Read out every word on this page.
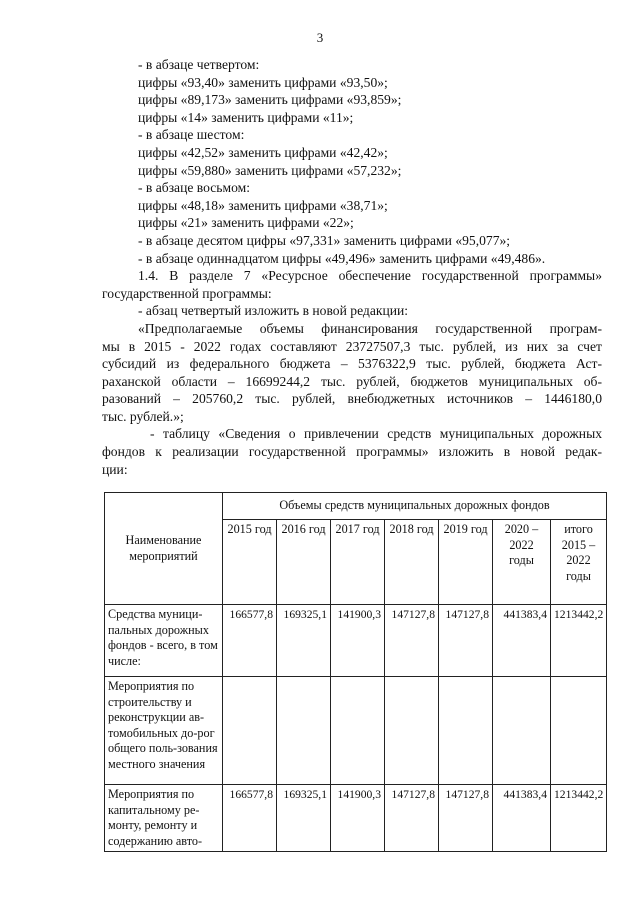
3
- в абзаце четвертом:
цифры «93,40» заменить цифрами «93,50»;
цифры «89,173» заменить цифрами «93,859»;
цифры «14» заменить цифрами «11»;
- в абзаце шестом:
цифры «42,52» заменить цифрами «42,42»;
цифры «59,880» заменить цифрами «57,232»;
- в абзаце восьмом:
цифры «48,18» заменить цифрами «38,71»;
цифры «21» заменить цифрами «22»;
- в абзаце десятом цифры «97,331» заменить цифрами «95,077»;
- в абзаце одиннадцатом цифры «49,496» заменить цифрами «49,486».
1.4. В разделе 7 «Ресурсное обеспечение государственной программы»
государственной программы:
- абзац четвертый изложить в новой редакции:
«Предполагаемые объемы финансирования государственной програм-
мы в 2015 - 2022 годах составляют 23727507,3 тыс. рублей, из них за счет
субсидий из федерального бюджета – 5376322,9 тыс. рублей, бюджета Аст-
раханской области – 16699244,2 тыс. рублей, бюджетов муниципальных об-
разований – 205760,2 тыс. рублей, внебюджетных источников – 1446180,0
тыс. рублей.»;
- таблицу «Сведения о привлечении средств муниципальных дорожных
фондов к реализации государственной программы» изложить в новой редак-
ции:
Наименование мероприятий	Объемы средств муниципальных дорожных фондов						
	2015 год	2016 год	2017 год	2018 год	2019 год	2020 – 2022 годы	итого 2015 – 2022 годы
Средства муници-пальных дорожных фондов - всего, в том числе:	166577,8	169325,1	141900,3	147127,8	147127,8	441383,4	1213442,2
Мероприятия по строительству и реконструкции ав-томобильных до-рог общего поль-зования местного значения							
Мероприятия по капитальному ре-монту, ремонту и содержанию авто-	166577,8	169325,1	141900,3	147127,8	147127,8	441383,4	1213442,2
